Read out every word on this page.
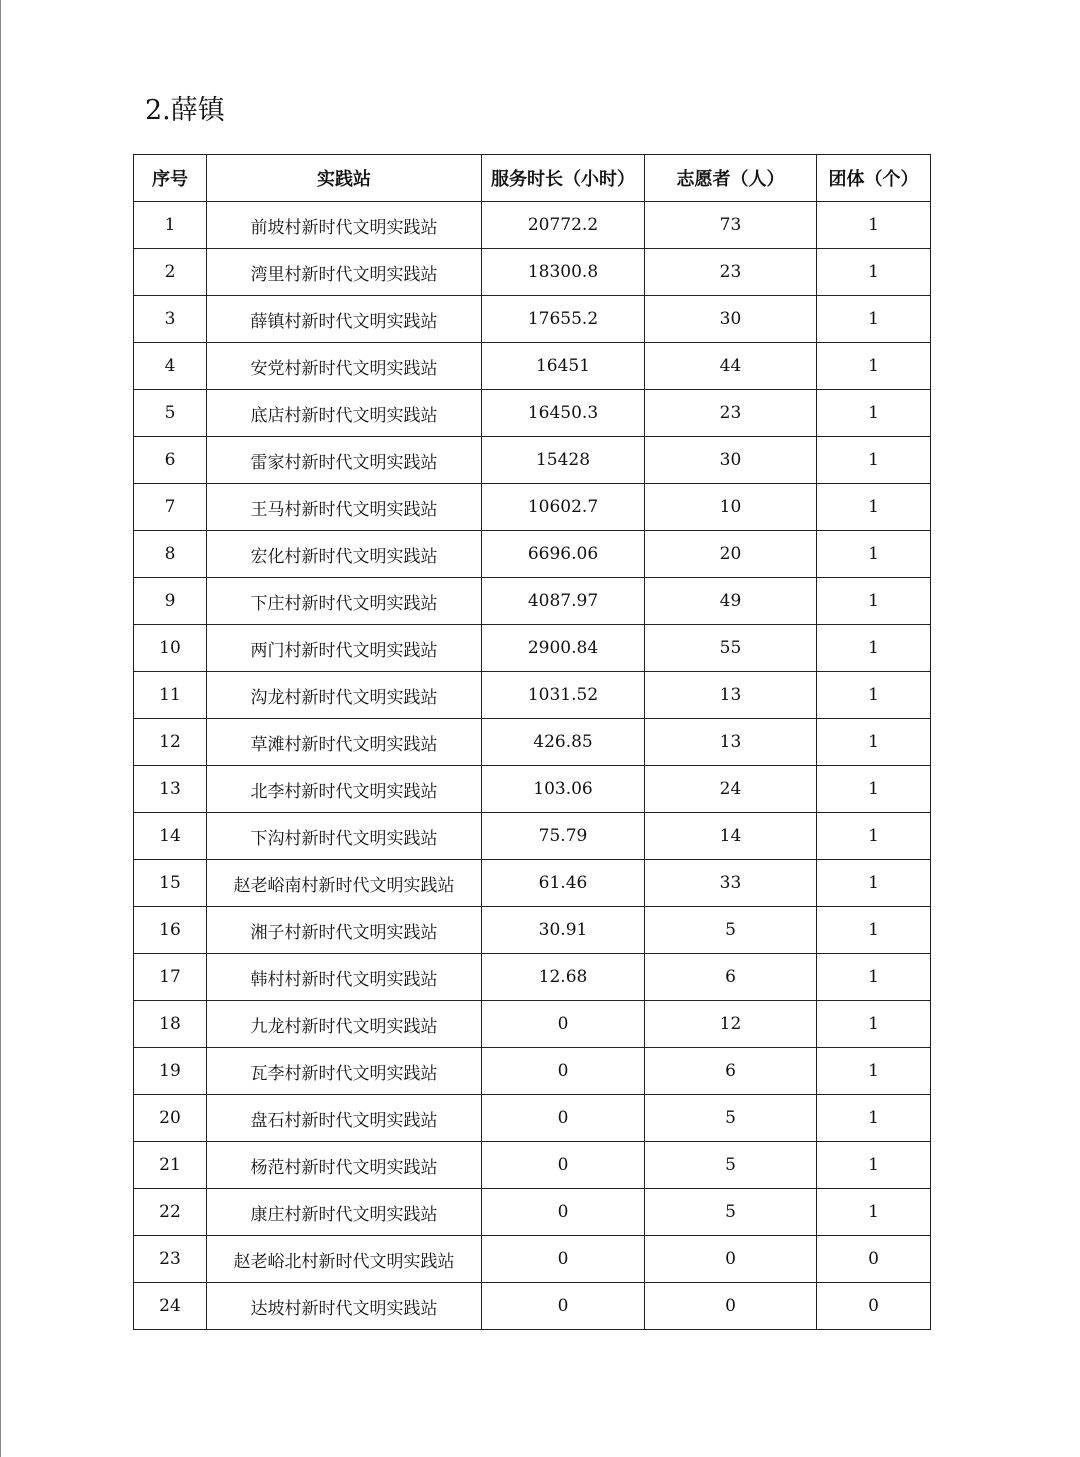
2.薛镇
序号	实践站	服务时长（小时）	志愿者（人）	团体（个）
1	前坡村新时代文明实践站	20772.2	73	1
2	湾里村新时代文明实践站	18300.8	23	1
3	薛镇村新时代文明实践站	17655.2	30	1
4	安党村新时代文明实践站	16451	44	1
5	底店村新时代文明实践站	16450.3	23	1
6	雷家村新时代文明实践站	15428	30	1
7	王马村新时代文明实践站	10602.7	10	1
8	宏化村新时代文明实践站	6696.06	20	1
9	下庄村新时代文明实践站	4087.97	49	1
10	两门村新时代文明实践站	2900.84	55	1
11	沟龙村新时代文明实践站	1031.52	13	1
12	草滩村新时代文明实践站	426.85	13	1
13	北李村新时代文明实践站	103.06	24	1
14	下沟村新时代文明实践站	75.79	14	1
15	赵老峪南村新时代文明实践站	61.46	33	1
16	湘子村新时代文明实践站	30.91	5	1
17	韩村村新时代文明实践站	12.68	6	1
18	九龙村新时代文明实践站	0	12	1
19	瓦李村新时代文明实践站	0	6	1
20	盘石村新时代文明实践站	0	5	1
21	杨范村新时代文明实践站	0	5	1
22	康庄村新时代文明实践站	0	5	1
23	赵老峪北村新时代文明实践站	0	0	0
24	达坡村新时代文明实践站	0	0	0
